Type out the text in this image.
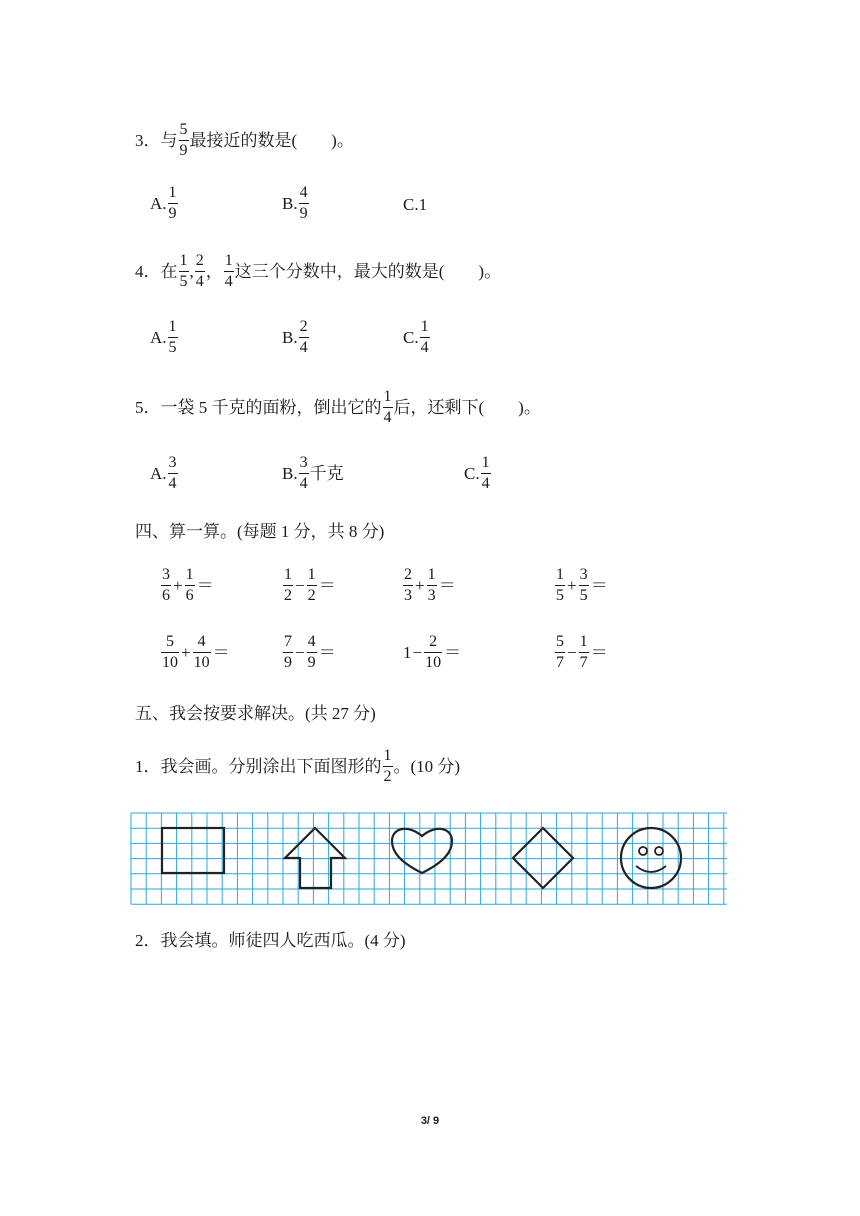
3．与 $\frac{5}{9}$ 最接近的数是(　　)。
A. $\frac{1}{9}$	B. $\frac{4}{9}$	C.1
4．在 $\frac{1}{5}$ , $\frac{2}{4}$ ， $\frac{1}{4}$ 这三个分数中，最大的数是(　　)。
A. $\frac{1}{5}$	B. $\frac{2}{4}$	C. $\frac{1}{4}$
5．一袋 5 千克的面粉，倒出它的 $\frac{1}{4}$ 后，还剩下(　　)。
A. $\frac{3}{4}$	B. $\frac{3}{4}$ 千克	C. $\frac{1}{4}$
四、算一算。(每题 1 分，共 8 分)
$\frac{3}{6} + \frac{1}{6}$ ＝	$\frac{1}{2} - \frac{1}{2}$ ＝	$\frac{2}{3} + \frac{1}{3}$ ＝	$\frac{1}{5} + \frac{3}{5}$ ＝
$\frac{5}{10} + \frac{4}{10}$ ＝	$\frac{7}{9} - \frac{4}{9}$ ＝	$1 - \frac{2}{10}$ ＝	$\frac{5}{7} - \frac{1}{7}$ ＝
五、我会按要求解决。(共 27 分)
1．我会画。分别涂出下面图形的 $\frac{1}{2}$ 。(10 分)
2．我会填。师徒四人吃西瓜。(4 分)
3/ 9
